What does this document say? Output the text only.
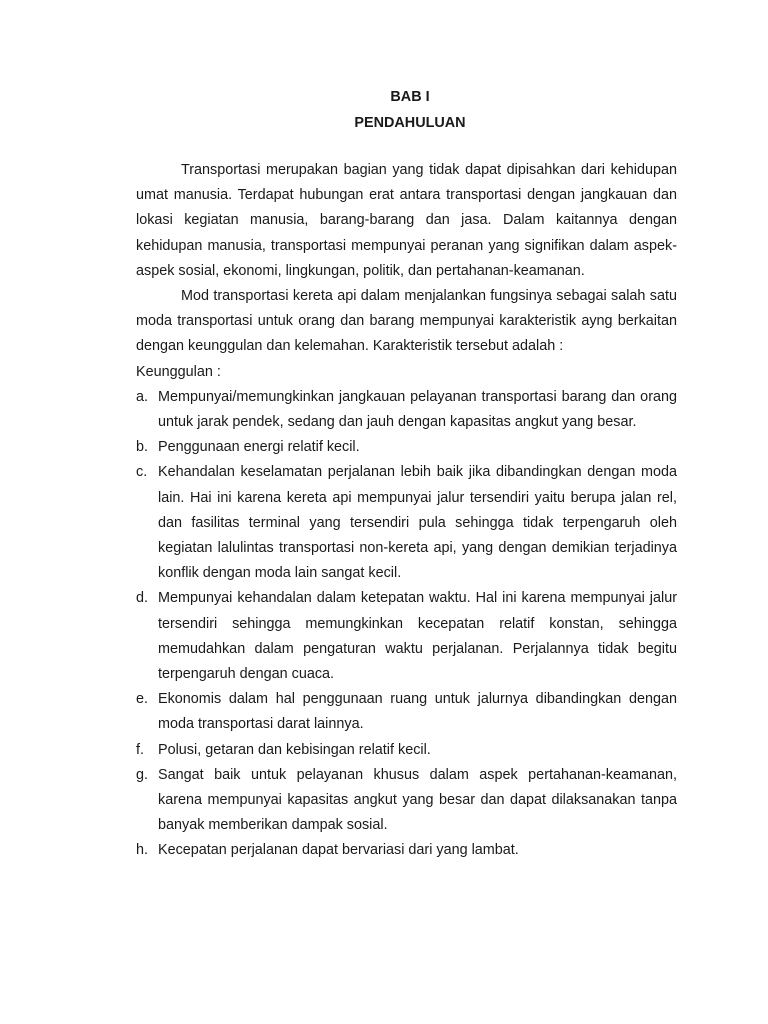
BAB I
PENDAHULUAN

Transportasi merupakan bagian yang tidak dapat dipisahkan dari kehidupan umat manusia. Terdapat hubungan erat antara transportasi dengan jangkauan dan lokasi kegiatan manusia, barang-barang dan jasa. Dalam kaitannya dengan kehidupan manusia, transportasi mempunyai peranan yang signifikan dalam aspek-aspek sosial, ekonomi, lingkungan, politik, dan pertahanan-keamanan.

Mod transportasi kereta api dalam menjalankan fungsinya sebagai salah satu moda transportasi untuk orang dan barang mempunyai karakteristik ayng berkaitan dengan keunggulan dan kelemahan. Karakteristik tersebut adalah :

Keunggulan :

a. Mempunyai/memungkinkan jangkauan pelayanan transportasi barang dan orang untuk jarak pendek, sedang dan jauh dengan kapasitas angkut yang besar.
b. Penggunaan energi relatif kecil.
c. Kehandalan keselamatan perjalanan lebih baik jika dibandingkan dengan moda lain. Hai ini karena kereta api mempunyai jalur tersendiri yaitu berupa jalan rel, dan fasilitas terminal yang tersendiri pula sehingga tidak terpengaruh oleh kegiatan lalulintas transportasi non-kereta api, yang dengan demikian terjadinya konflik dengan moda lain sangat kecil.
d. Mempunyai kehandalan dalam ketepatan waktu. Hal ini karena mempunyai jalur tersendiri sehingga memungkinkan kecepatan relatif konstan, sehingga memudahkan dalam pengaturan waktu perjalanan. Perjalannya tidak begitu terpengaruh dengan cuaca.
e. Ekonomis dalam hal penggunaan ruang untuk jalurnya dibandingkan dengan moda transportasi darat lainnya.
f. Polusi, getaran dan kebisingan relatif kecil.
g. Sangat baik untuk pelayanan khusus dalam aspek pertahanan-keamanan, karena mempunyai kapasitas angkut yang besar dan dapat dilaksanakan tanpa banyak memberikan dampak sosial.
h. Kecepatan perjalanan dapat bervariasi dari yang lambat.
